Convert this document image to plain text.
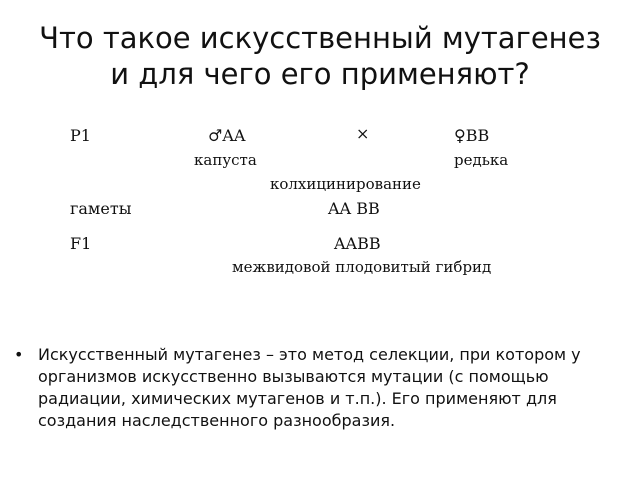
Что такое искусственный мутагенез
и для чего его применяют?
P1	♂AA	×	♀BB
капуста	редька
колхицинирование
гаметы	AA BB
F1	AABB
межвидовой плодовитый гибрид
• Искусственный мутагенез – это метод селекции, при котором у организмов искусственно вызываются мутации (с помощью радиации, химических мутагенов и т.п.). Его применяют для создания наследственного разнообразия.
